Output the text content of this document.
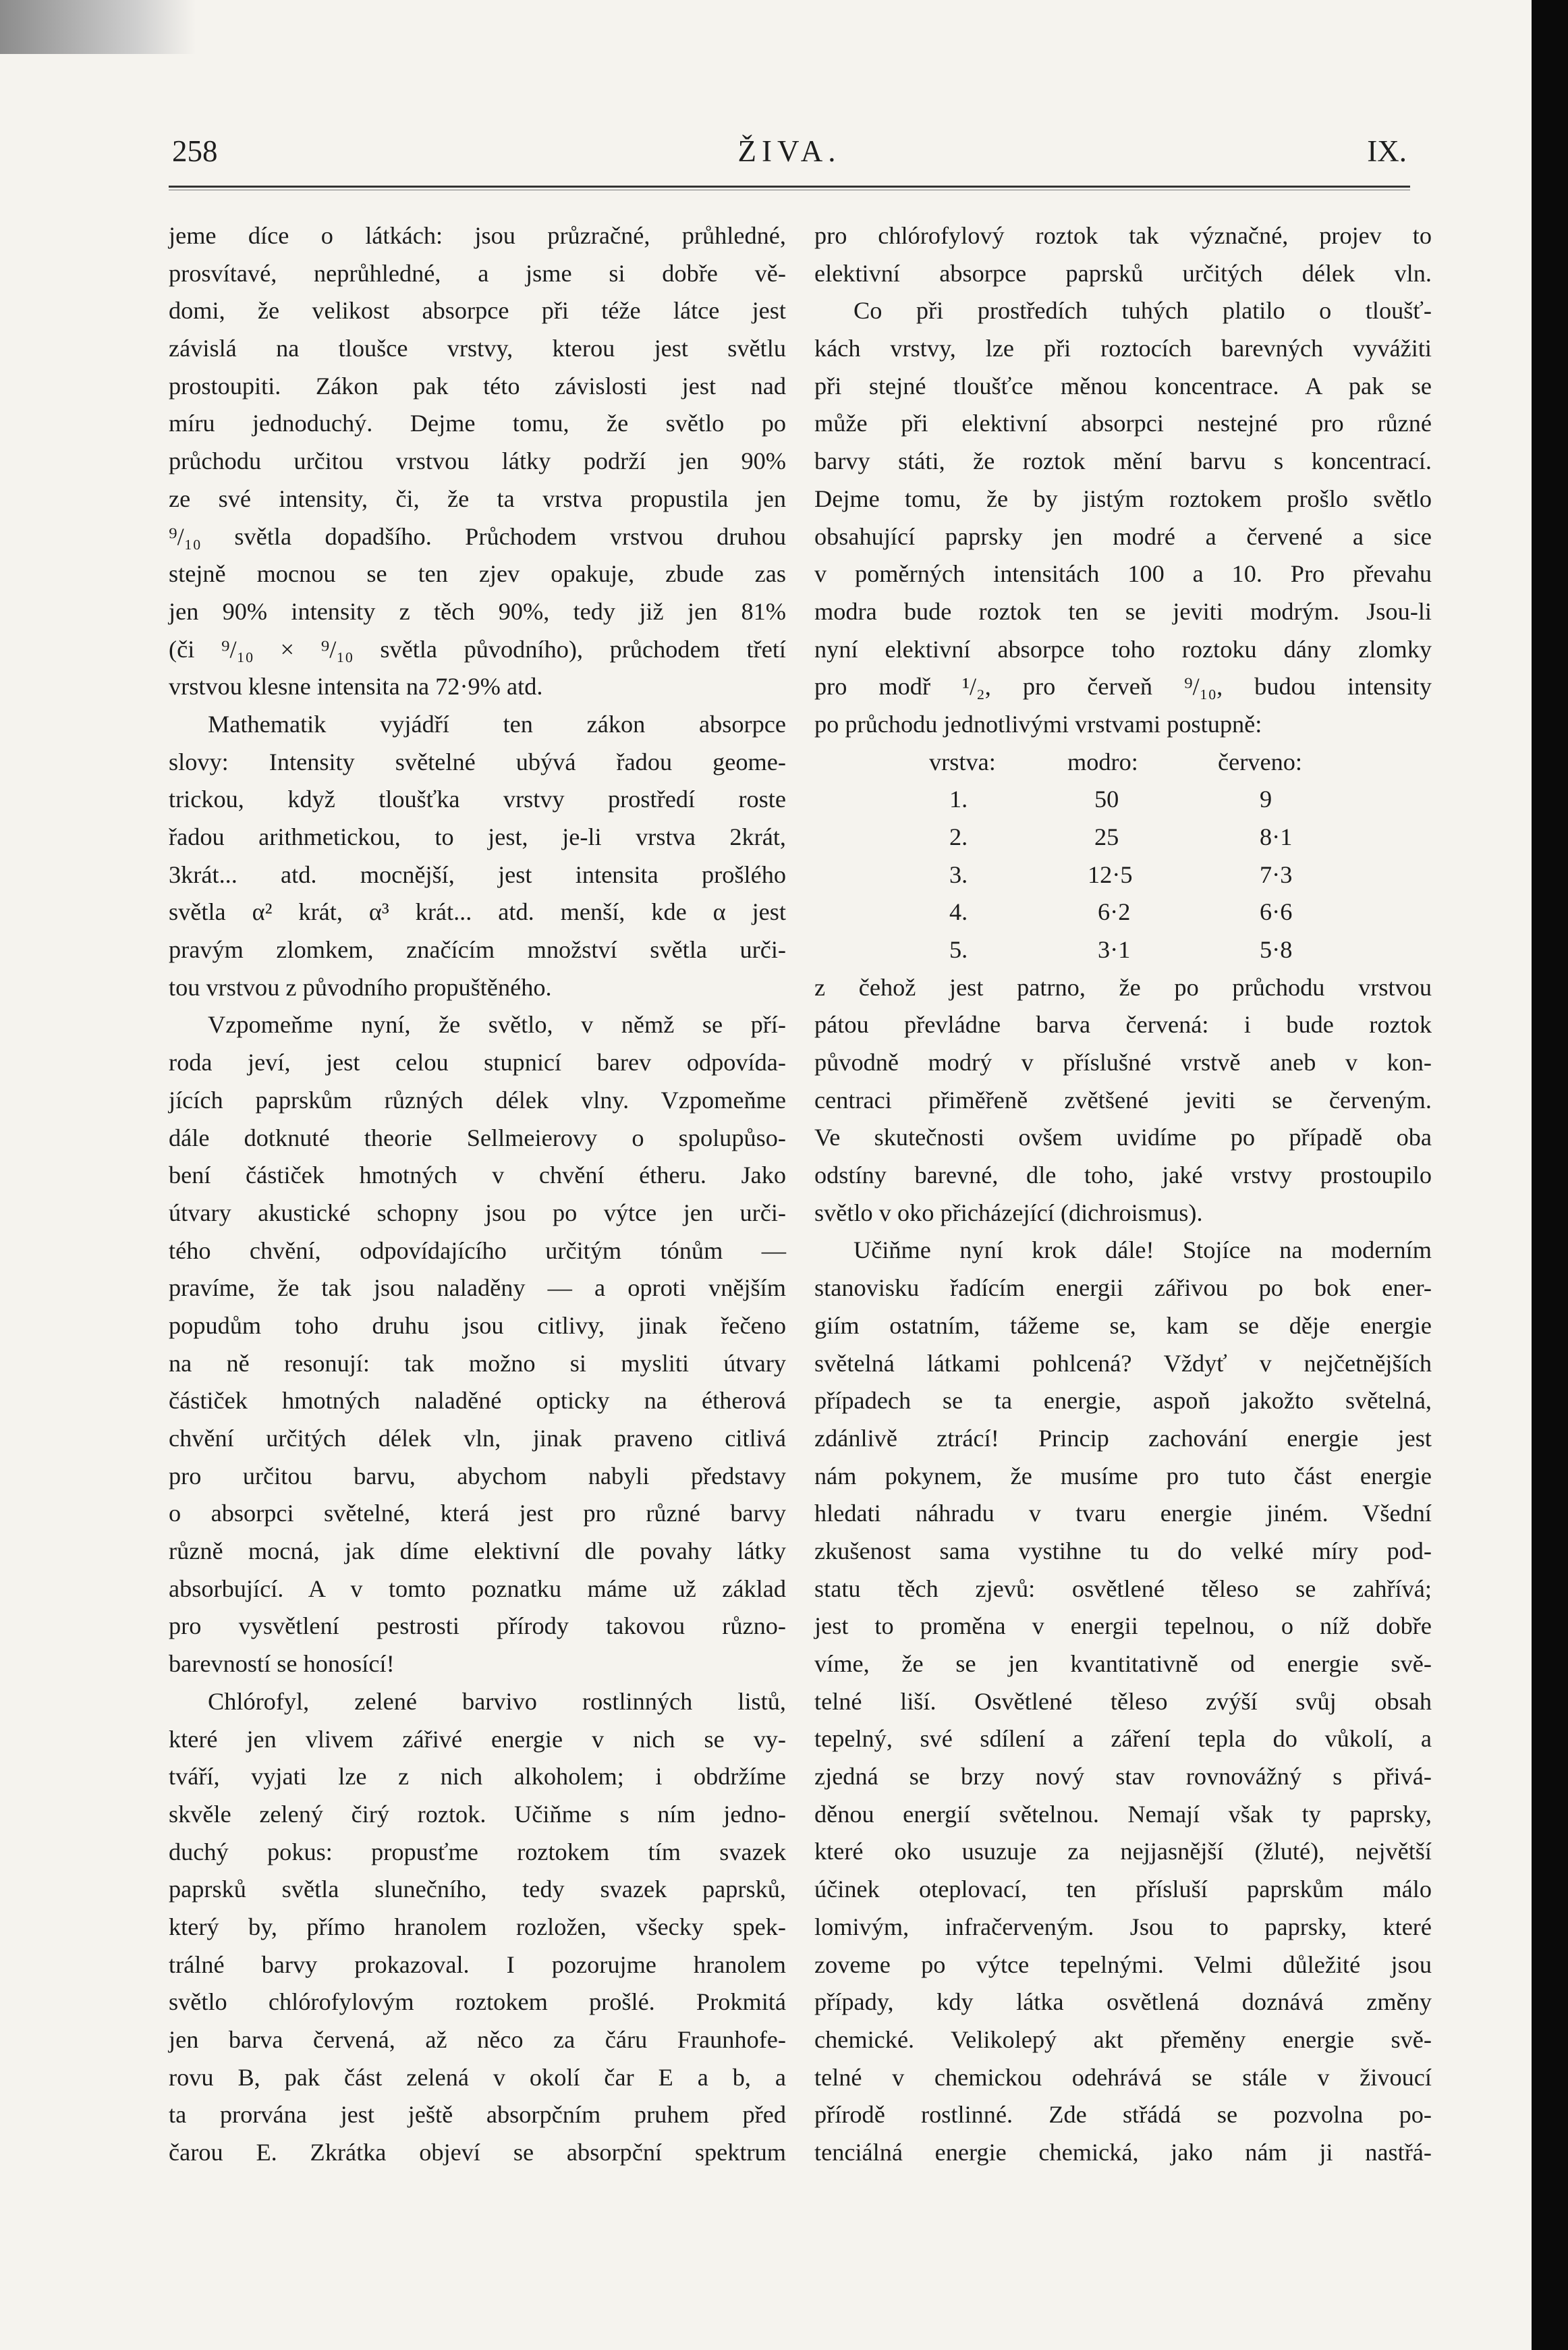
258	ŽIVA.	IX.
jeme díce o látkách: jsou průzračné, průhledné,
prosvítavé, neprůhledné, a jsme si dobře vě-
domi, že velikost absorpce při téže látce jest
závislá na tloušce vrstvy, kterou jest světlu
prostoupiti. Zákon pak této závislosti jest nad
míru jednoduchý. Dejme tomu, že světlo po
průchodu určitou vrstvou látky podrží jen 90%
ze své intensity, či, že ta vrstva propustila jen
⁹/₁₀ světla dopadšího. Průchodem vrstvou druhou
stejně mocnou se ten zjev opakuje, zbude zas
jen 90% intensity z těch 90%, tedy již jen 81%
(či ⁹/₁₀ × ⁹/₁₀ světla původního), průchodem třetí
vrstvou klesne intensita na 72·9% atd.
Mathematik vyjádří ten zákon absorpce
slovy: Intensity světelné ubývá řadou geome-
trickou, když tloušťka vrstvy prostředí roste
řadou arithmetickou, to jest, je-li vrstva 2krát,
3krát... atd. mocnější, jest intensita prošlého
světla α² krát, α³ krát... atd. menší, kde α jest
pravým zlomkem, značícím množství světla urči-
tou vrstvou z původního propuštěného.
Vzpomeňme nyní, že světlo, v němž se pří-
roda jeví, jest celou stupnicí barev odpovída-
jících paprskům různých délek vlny. Vzpomeňme
dále dotknuté theorie Sellmeierovy o spolupůso-
bení částiček hmotných v chvění étheru. Jako
útvary akustické schopny jsou po výtce jen urči-
tého chvění, odpovídajícího určitým tónům —
pravíme, že tak jsou naladěny — a oproti vnějším
popudům toho druhu jsou citlivy, jinak řečeno
na ně resonují: tak možno si mysliti útvary
částiček hmotných naladěné opticky na étherová
chvění určitých délek vln, jinak praveno citlivá
pro určitou barvu, abychom nabyli představy
o absorpci světelné, která jest pro různé barvy
různě mocná, jak díme elektivní dle povahy látky
absorbující. A v tomto poznatku máme už základ
pro vysvětlení pestrosti přírody takovou různo-
barevností se honosící!
Chlórofyl, zelené barvivo rostlinných listů,
které jen vlivem zářivé energie v nich se vy-
tváří, vyjati lze z nich alkoholem; i obdržíme
skvěle zelený čirý roztok. Učiňme s ním jedno-
duchý pokus: propusťme roztokem tím svazek
paprsků světla slunečního, tedy svazek paprsků,
který by, přímo hranolem rozložen, všecky spek-
trálné barvy prokazoval. I pozorujme hranolem
světlo chlórofylovým roztokem prošlé. Prokmitá
jen barva červená, až něco za čáru Fraunhofe-
rovu B, pak část zelená v okolí čar E a b, a
ta prorvána jest ještě absorpčním pruhem před
čarou E. Zkrátka objeví se absorpční spektrum
pro chlórofylový roztok tak význačné, projev to
elektivní absorpce paprsků určitých délek vln.
Co při prostředích tuhých platilo o tloušť-
kách vrstvy, lze při roztocích barevných vyvážiti
při stejné tloušťce měnou koncentrace. A pak se
může při elektivní absorpci nestejné pro různé
barvy státi, že roztok mění barvu s koncentrací.
Dejme tomu, že by jistým roztokem prošlo světlo
obsahující paprsky jen modré a červené a sice
v poměrných intensitách 100 a 10. Pro převahu
modra bude roztok ten se jeviti modrým. Jsou-li
nyní elektivní absorpce toho roztoku dány zlomky
pro modř ¹/₂, pro červeň ⁹/₁₀, budou intensity
po průchodu jednotlivými vrstvami postupně:
vrstva:	modro:	červeno:
1.	50	9
2.	25	8·1
3.	12·5	7·3
4.	6·2	6·6
5.	3·1	5·8
z čehož jest patrno, že po průchodu vrstvou
pátou převládne barva červená: i bude roztok
původně modrý v příslušné vrstvě aneb v kon-
centraci přiměřeně zvětšené jeviti se červeným.
Ve skutečnosti ovšem uvidíme po případě oba
odstíny barevné, dle toho, jaké vrstvy prostoupilo
světlo v oko přicházející (dichroismus).
Učiňme nyní krok dále! Stojíce na moderním
stanovisku řadícím energii zářivou po bok ener-
giím ostatním, tážeme se, kam se děje energie
světelná látkami pohlcená? Vždyť v nejčetnějších
případech se ta energie, aspoň jakožto světelná,
zdánlivě ztrácí! Princip zachování energie jest
nám pokynem, že musíme pro tuto část energie
hledati náhradu v tvaru energie jiném. Všední
zkušenost sama vystihne tu do velké míry pod-
statu těch zjevů: osvětlené těleso se zahřívá;
jest to proměna v energii tepelnou, o níž dobře
víme, že se jen kvantitativně od energie svě-
telné liší. Osvětlené těleso zvýší svůj obsah
tepelný, své sdílení a záření tepla do vůkolí, a
zjedná se brzy nový stav rovnovážný s přivá-
děnou energií světelnou. Nemají však ty paprsky,
které oko usuzuje za nejjasnější (žluté), největší
účinek oteplovací, ten přísluší paprskům málo
lomivým, infračerveným. Jsou to paprsky, které
zoveme po výtce tepelnými. Velmi důležité jsou
případy, kdy látka osvětlená doznává změny
chemické. Velikolepý akt přeměny energie svě-
telné v chemickou odehrává se stále v živoucí
přírodě rostlinné. Zde střádá se pozvolna po-
tenciálná energie chemická, jako nám ji nastřá-
